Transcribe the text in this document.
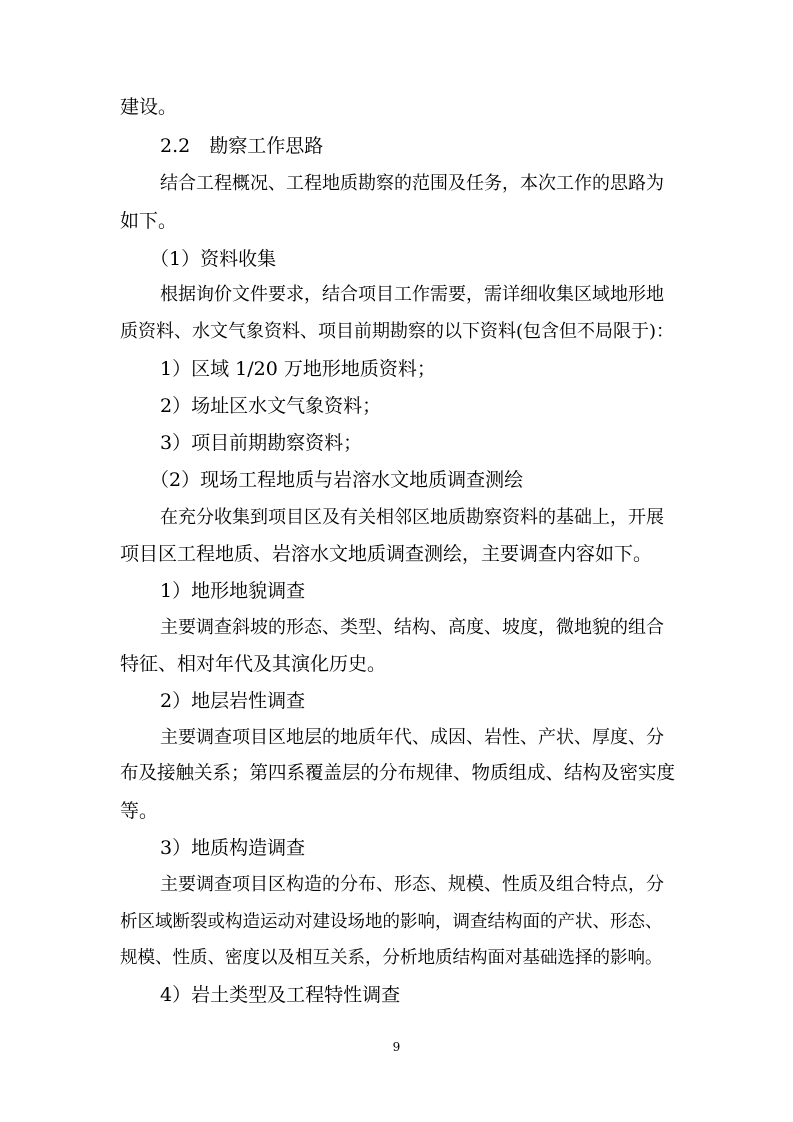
建设。

2.2　勘察工作思路

结合工程概况、工程地质勘察的范围及任务，本次工作的思路为

如下。

（1）资料收集

根据询价文件要求，结合项目工作需要，需详细收集区域地形地

质资料、水文气象资料、项目前期勘察的以下资料(包含但不局限于)：

1）区域 1/20 万地形地质资料；

2）场址区水文气象资料；

3）项目前期勘察资料；

（2）现场工程地质与岩溶水文地质调查测绘

在充分收集到项目区及有关相邻区地质勘察资料的基础上，开展

项目区工程地质、岩溶水文地质调查测绘，主要调查内容如下。

1）地形地貌调查

主要调查斜坡的形态、类型、结构、高度、坡度，微地貌的组合

特征、相对年代及其演化历史。

2）地层岩性调查

主要调查项目区地层的地质年代、成因、岩性、产状、厚度、分

布及接触关系；第四系覆盖层的分布规律、物质组成、结构及密实度

等。

3）地质构造调查

主要调查项目区构造的分布、形态、规模、性质及组合特点，分

析区域断裂或构造运动对建设场地的影响，调查结构面的产状、形态、

规模、性质、密度以及相互关系，分析地质结构面对基础选择的影响。

4）岩土类型及工程特性调查

9
